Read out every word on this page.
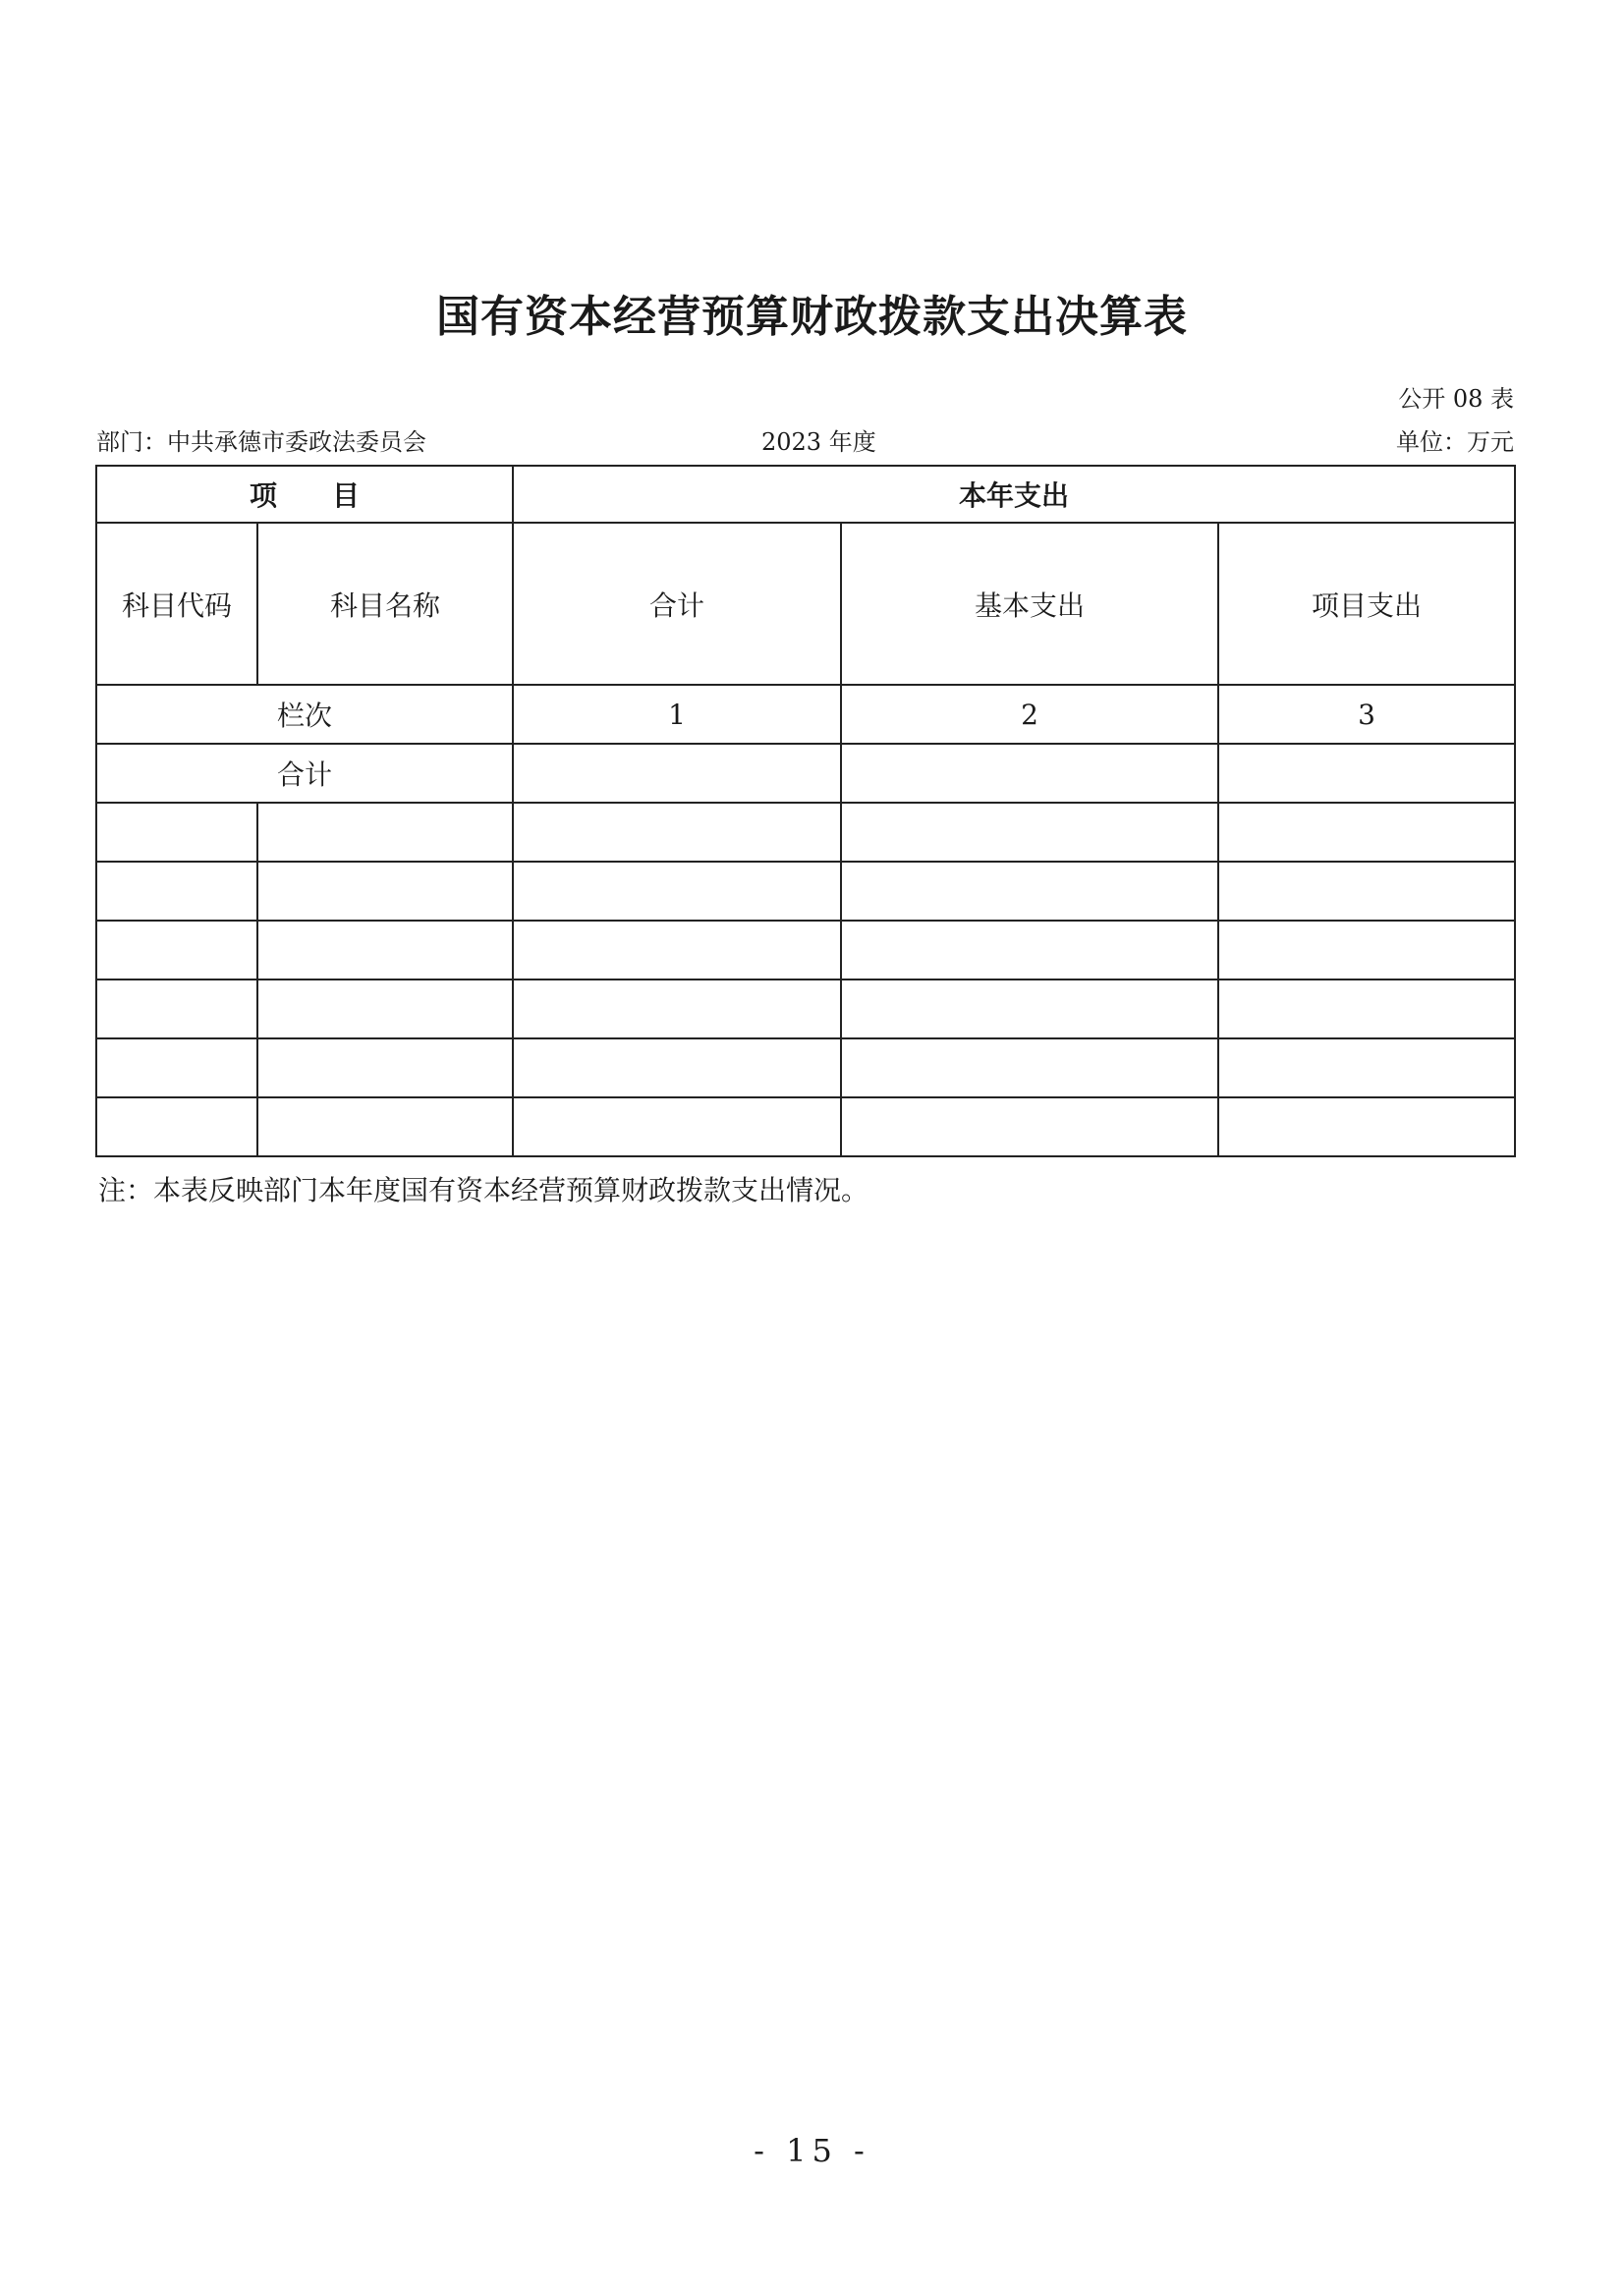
国有资本经营预算财政拨款支出决算表
公开 08 表
部门：中共承德市委政法委员会	2023 年度	单位：万元
项　　目		本年支出		
科目代码	科目名称	合计	基本支出	项目支出
栏次		1	2	3
合计				

注：本表反映部门本年度国有资本经营预算财政拨款支出情况。
- 15 -
